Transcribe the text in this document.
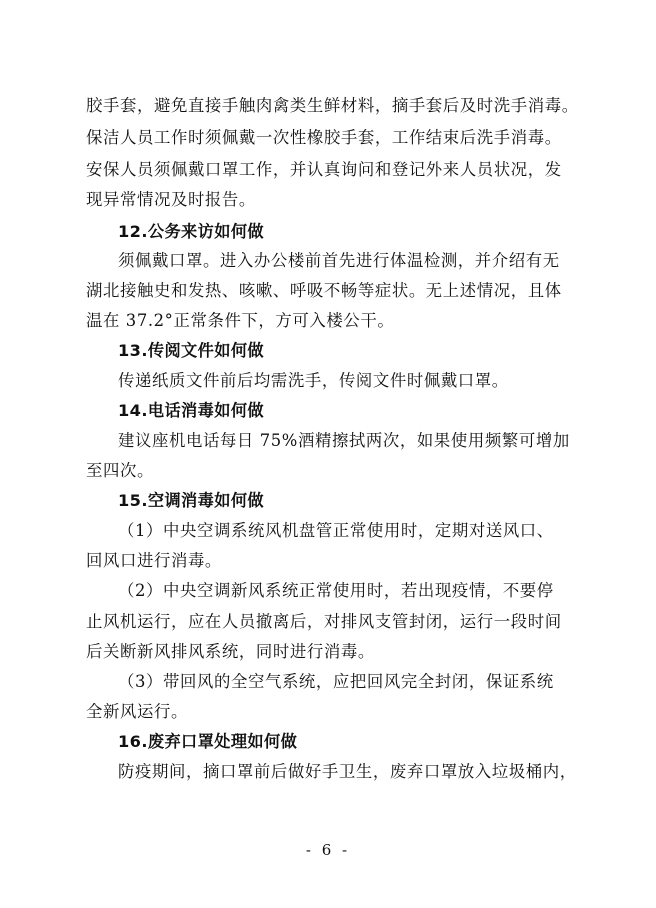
胶手套，避免直接手触肉禽类生鲜材料，摘手套后及时洗手消毒。
保洁人员工作时须佩戴一次性橡胶手套，工作结束后洗手消毒。
安保人员须佩戴口罩工作，并认真询问和登记外来人员状况，发
现异常情况及时报告。
12.公务来访如何做
须佩戴口罩。进入办公楼前首先进行体温检测，并介绍有无
湖北接触史和发热、咳嗽、呼吸不畅等症状。无上述情况，且体
温在 37.2°正常条件下，方可入楼公干。
13.传阅文件如何做
传递纸质文件前后均需洗手，传阅文件时佩戴口罩。
14.电话消毒如何做
建议座机电话每日 75%酒精擦拭两次，如果使用频繁可增加
至四次。
15.空调消毒如何做
（1）中央空调系统风机盘管正常使用时，定期对送风口、
回风口进行消毒。
（2）中央空调新风系统正常使用时，若出现疫情，不要停
止风机运行，应在人员撤离后，对排风支管封闭，运行一段时间
后关断新风排风系统，同时进行消毒。
（3）带回风的全空气系统，应把回风完全封闭，保证系统
全新风运行。
16.废弃口罩处理如何做
防疫期间，摘口罩前后做好手卫生，废弃口罩放入垃圾桶内，
- 6 -
